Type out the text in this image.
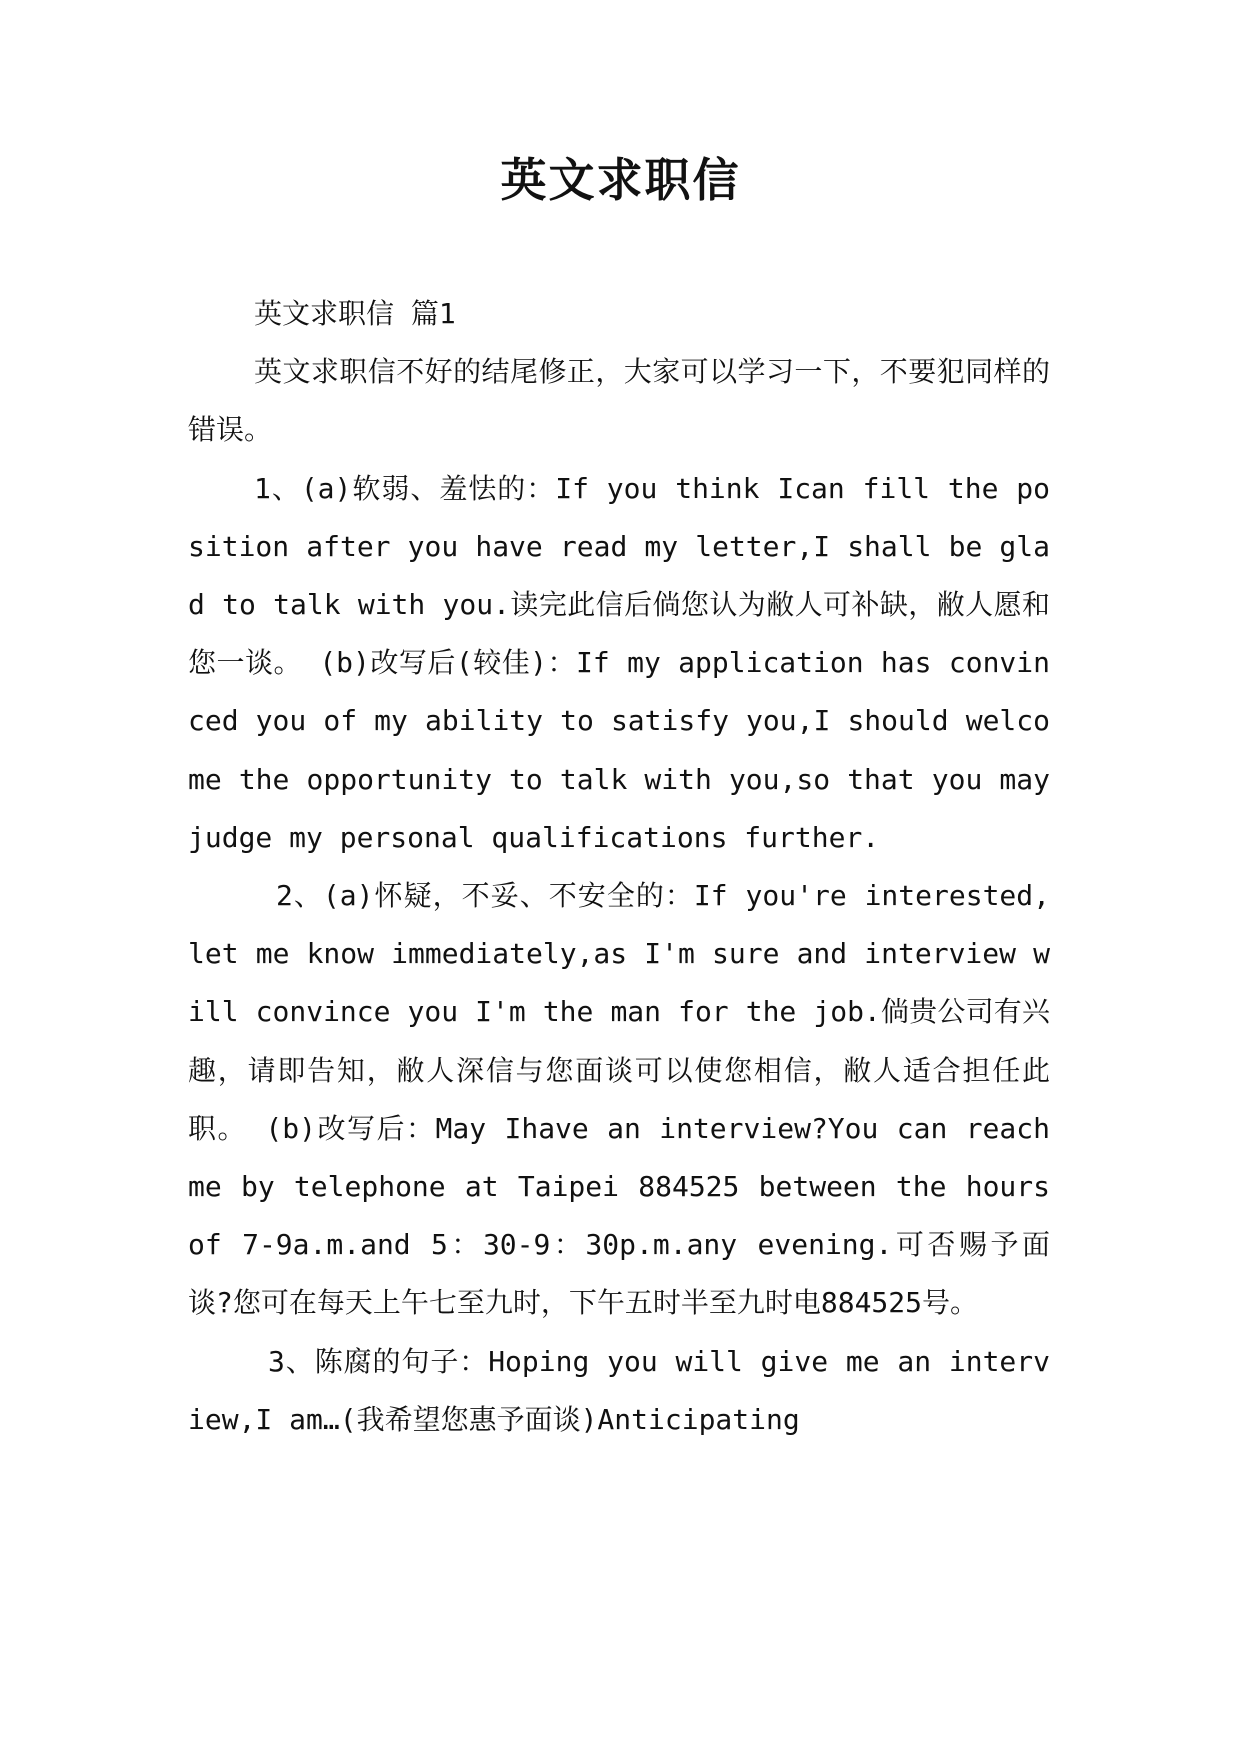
英文求职信

英文求职信 篇1

英文求职信不好的结尾修正，大家可以学习一下，不要犯同样的错误。

1、(a)软弱、羞怯的：If you think Ican fill the position after you have read my letter,I shall be glad to talk with you.读完此信后倘您认为敝人可补缺，敝人愿和您一谈。 (b)改写后(较佳)：If my application has convinced you of my ability to satisfy you,I should welcome the opportunity to talk with you,so that you may judge my personal qualifications further.

2、(a)怀疑，不妥、不安全的：If you're interested,let me know immediately,as I'm sure and interview will convince you I'm the man for the job.倘贵公司有兴趣，请即告知，敝人深信与您面谈可以使您相信，敝人适合担任此职。 (b)改写后：May Ihave an interview?You can reach me by telephone at Taipei 884525 between the hours of 7-9a.m.and 5：30-9：30p.m.any evening.可否赐予面谈?您可在每天上午七至九时，下午五时半至九时电884525号。

3、陈腐的句子：Hoping you will give me an interview,I am…(我希望您惠予面谈)Anticipating
